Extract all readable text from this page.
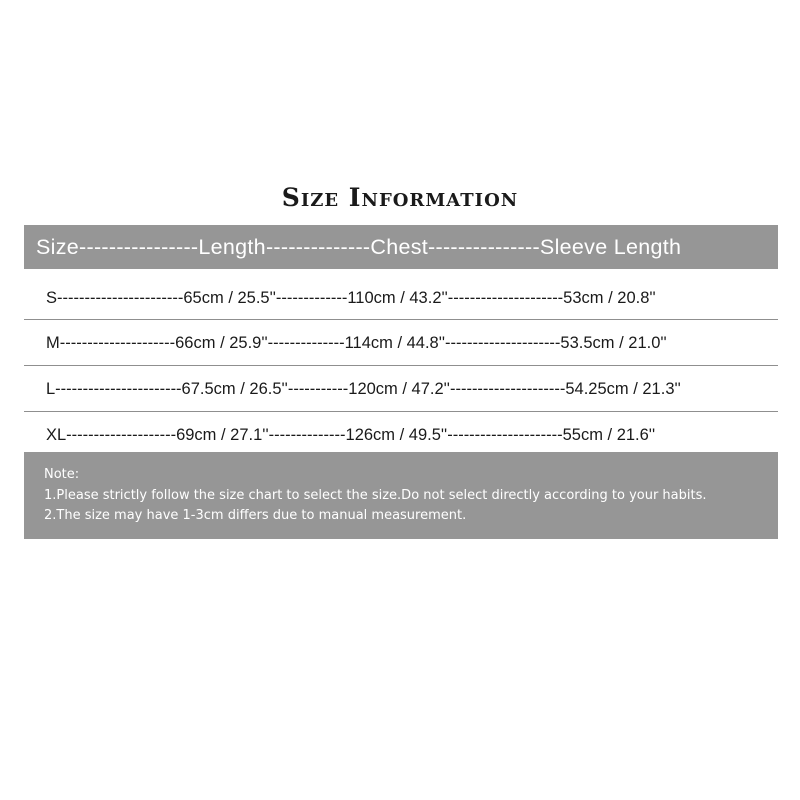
Size Information
Size----------------Length--------------Chest---------------Sleeve Length
S-----------------------65cm / 25.5''-------------110cm / 43.2''---------------------53cm / 20.8''
M---------------------66cm / 25.9''--------------114cm / 44.8''---------------------53.5cm / 21.0''
L-----------------------67.5cm / 26.5''-----------120cm / 47.2''---------------------54.25cm / 21.3''
XL--------------------69cm / 27.1''--------------126cm / 49.5''---------------------55cm / 21.6''
Note:
1.Please strictly follow the size chart to select the size.Do not select directly according to your habits.
2.The size may have 1-3cm differs due to manual measurement.
